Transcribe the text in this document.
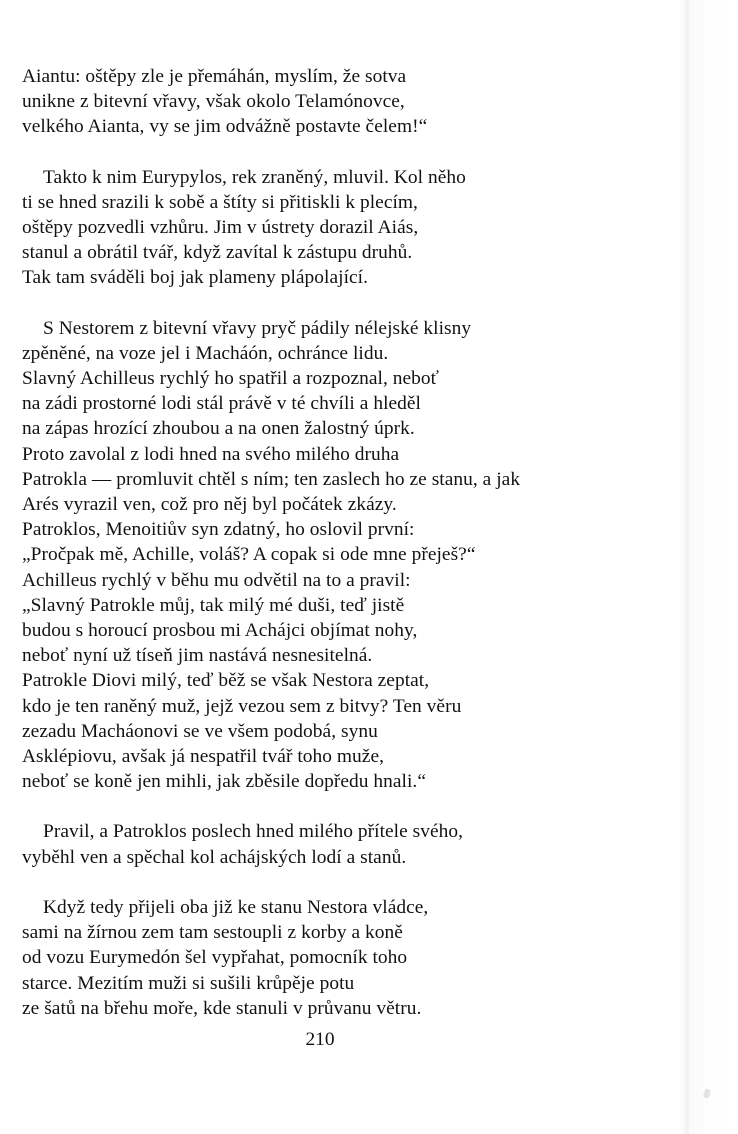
Aiantu: oštěpy zle je přemáhán, myslím, že sotva
unikne z bitevní vřavy, však okolo Telamónovce,
velkého Aianta, vy se jim odvážně postavte čelem!“
Takto k nim Eurypylos, rek zraněný, mluvil. Kol něho
ti se hned srazili k sobě a štíty si přitiskli k plecím,
oštěpy pozvedli vzhůru. Jim v ústrety dorazil Aiás,
stanul a obrátil tvář, když zavítal k zástupu druhů.
Tak tam sváděli boj jak plameny plápolající.
S Nestorem z bitevní vřavy pryč pádily nélejské klisny
zpěněné, na voze jel i Macháón, ochránce lidu.
Slavný Achilleus rychlý ho spatřil a rozpoznal, neboť
na zádi prostorné lodi stál právě v té chvíli a hleděl
na zápas hrozící zhoubou a na onen žalostný úprk.
Proto zavolal z lodi hned na svého milého druha
Patrokla — promluvit chtěl s ním; ten zaslech ho ze stanu, a jak
Arés vyrazil ven, což pro něj byl počátek zkázy.
Patroklos, Menoitiův syn zdatný, ho oslovil první:
„Pročpak mě, Achille, voláš? A copak si ode mne přeješ?“
Achilleus rychlý v běhu mu odvětil na to a pravil:
„Slavný Patrokle můj, tak milý mé duši, teď jistě
budou s horoucí prosbou mi Achájci objímat nohy,
neboť nyní už tíseň jim nastává nesnesitelná.
Patrokle Diovi milý, teď běž se však Nestora zeptat,
kdo je ten raněný muž, jejž vezou sem z bitvy? Ten věru
zezadu Macháonovi se ve všem podobá, synu
Asklépiovu, avšak já nespatřil tvář toho muže,
neboť se koně jen mihli, jak zběsile dopředu hnali.“
Pravil, a Patroklos poslech hned milého přítele svého,
vyběhl ven a spěchal kol achájských lodí a stanů.
Když tedy přijeli oba již ke stanu Nestora vládce,
sami na žírnou zem tam sestoupli z korby a koně
od vozu Eurymedón šel vypřahat, pomocník toho
starce. Mezitím muži si sušili krůpěje potu
ze šatů na břehu moře, kde stanuli v průvanu větru.
210
